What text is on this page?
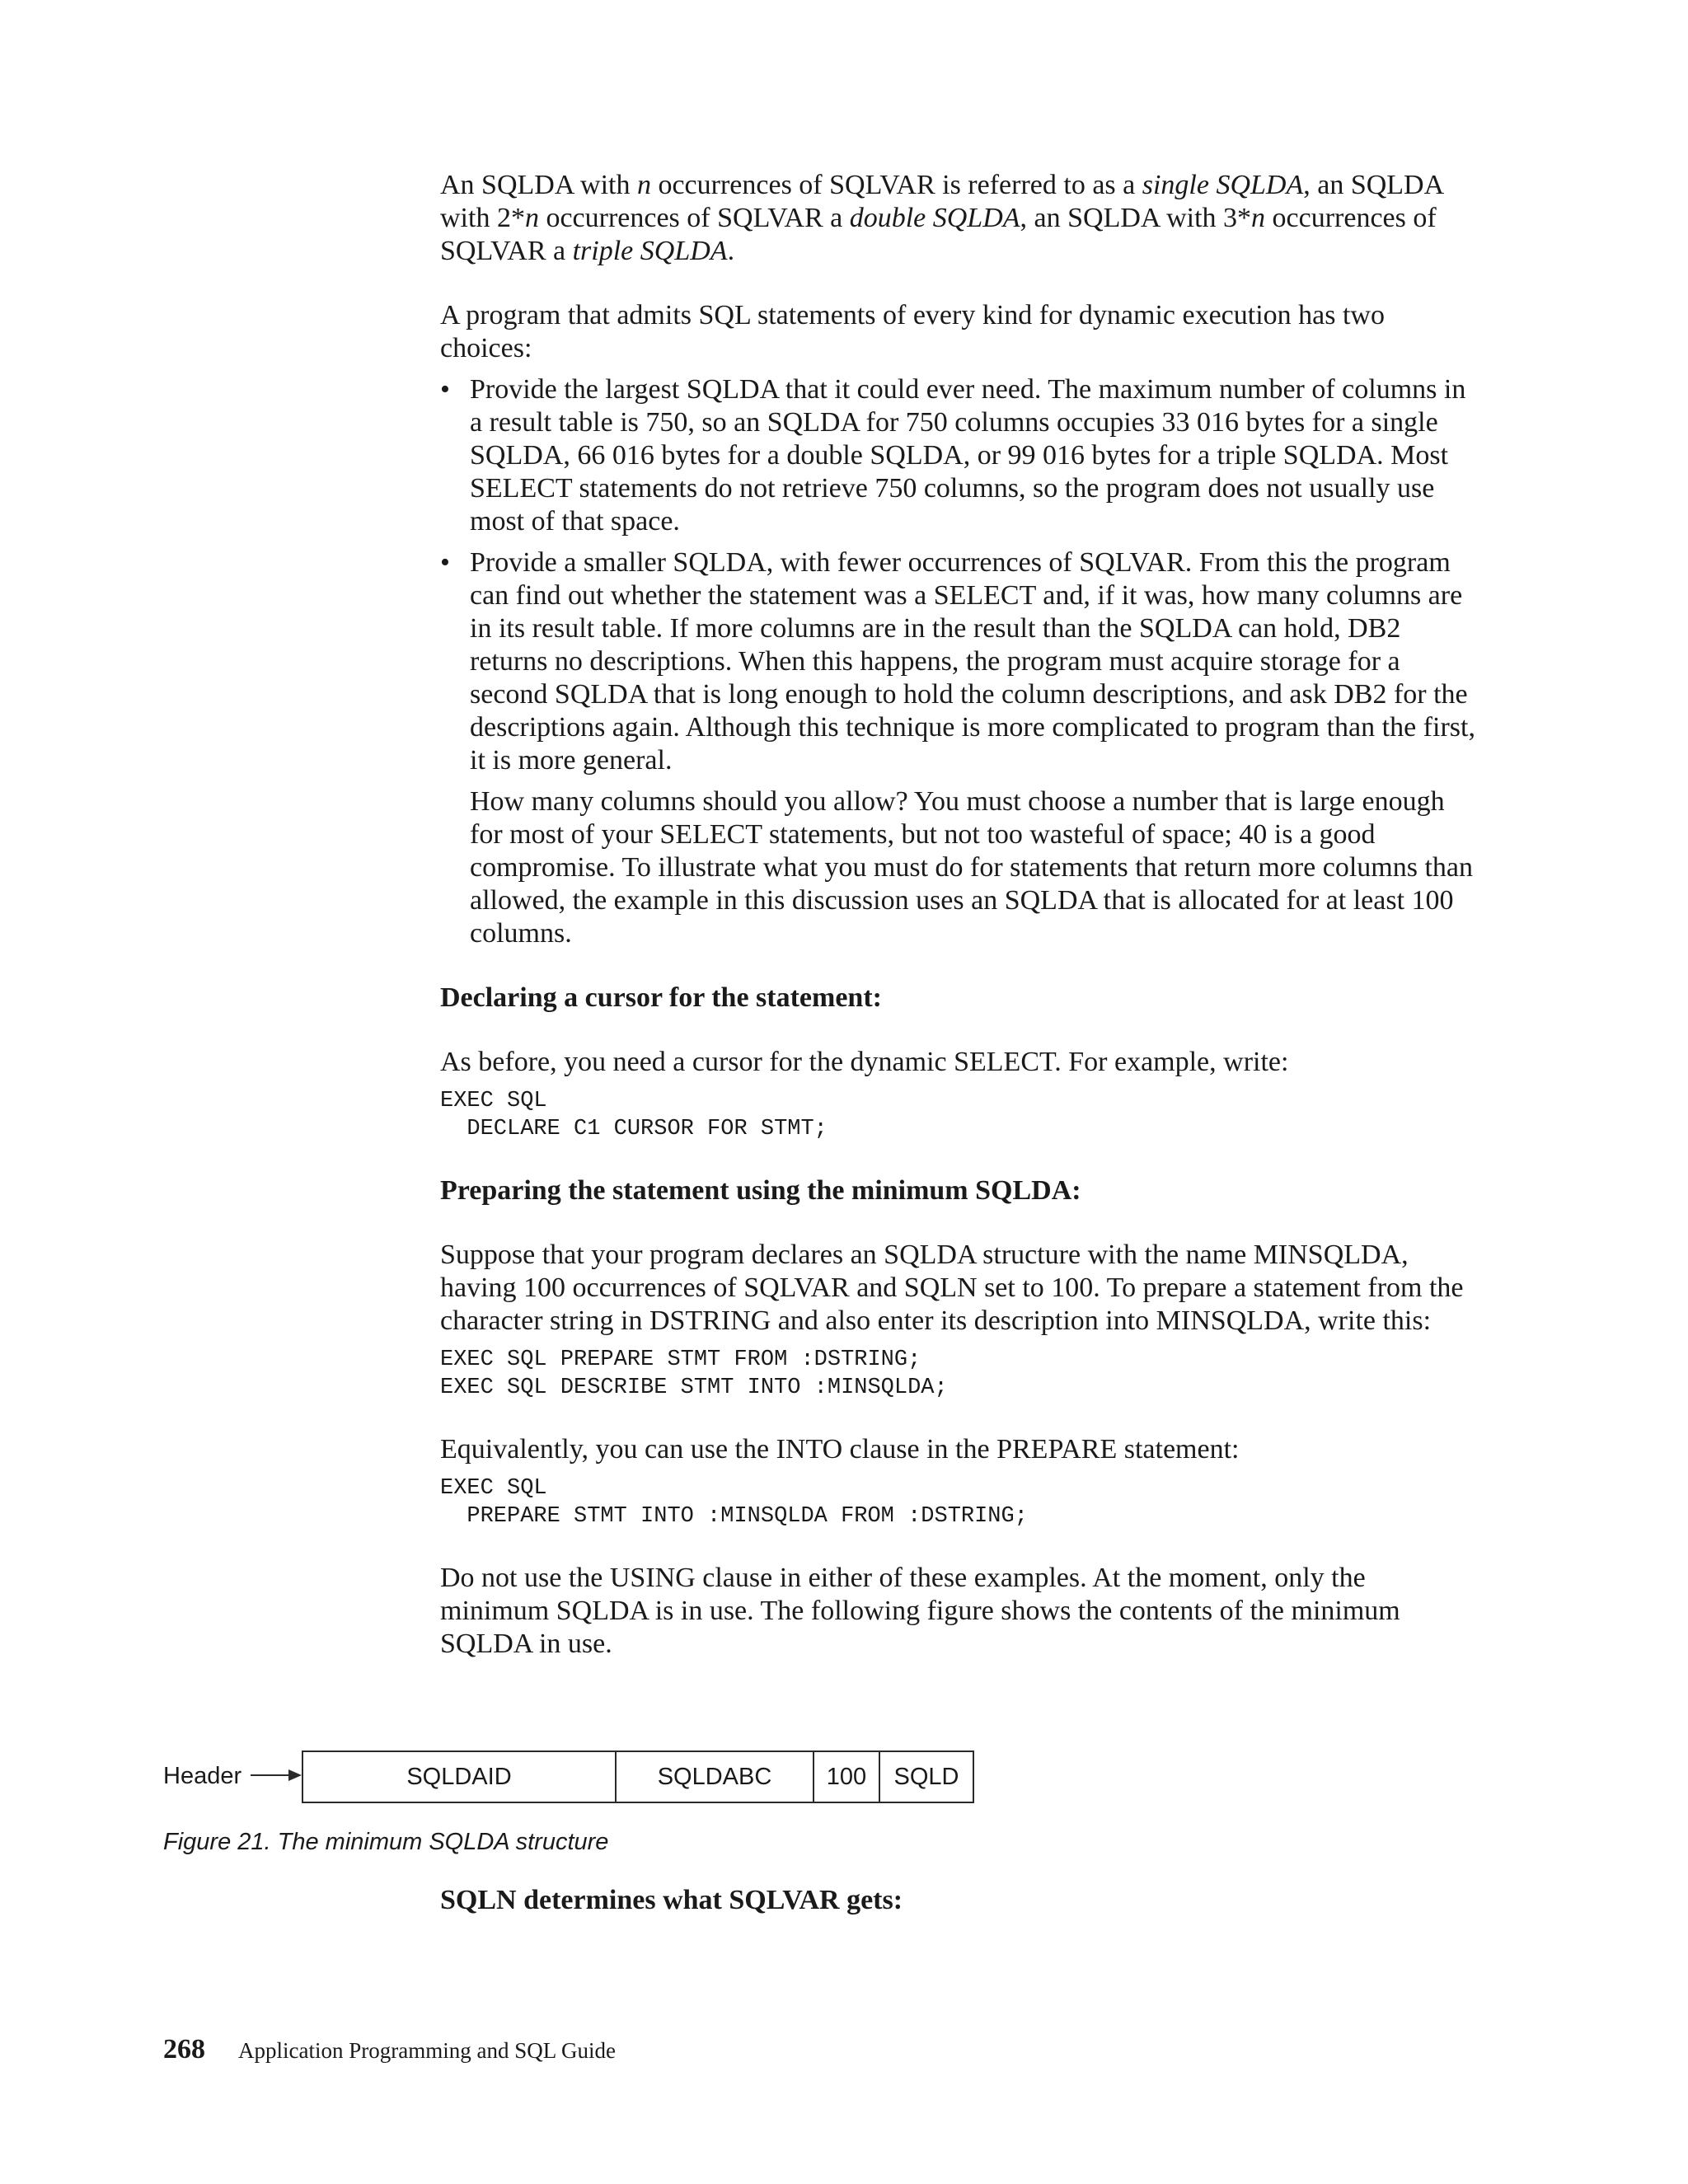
An SQLDA with n occurrences of SQLVAR is referred to as a single SQLDA, an SQLDA with 2*n occurrences of SQLVAR a double SQLDA, an SQLDA with 3*n occurrences of SQLVAR a triple SQLDA.

A program that admits SQL statements of every kind for dynamic execution has two choices:

• Provide the largest SQLDA that it could ever need. The maximum number of columns in a result table is 750, so an SQLDA for 750 columns occupies 33 016 bytes for a single SQLDA, 66 016 bytes for a double SQLDA, or 99 016 bytes for a triple SQLDA. Most SELECT statements do not retrieve 750 columns, so the program does not usually use most of that space.
• Provide a smaller SQLDA, with fewer occurrences of SQLVAR. From this the program can find out whether the statement was a SELECT and, if it was, how many columns are in its result table. If more columns are in the result than the SQLDA can hold, DB2 returns no descriptions. When this happens, the program must acquire storage for a second SQLDA that is long enough to hold the column descriptions, and ask DB2 for the descriptions again. Although this technique is more complicated to program than the first, it is more general.

How many columns should you allow? You must choose a number that is large enough for most of your SELECT statements, but not too wasteful of space; 40 is a good compromise. To illustrate what you must do for statements that return more columns than allowed, the example in this discussion uses an SQLDA that is allocated for at least 100 columns.

Declaring a cursor for the statement:

As before, you need a cursor for the dynamic SELECT. For example, write:

EXEC SQL
DECLARE C1 CURSOR FOR STMT;
Preparing the statement using the minimum SQLDA:

Suppose that your program declares an SQLDA structure with the name MINSQLDA, having 100 occurrences of SQLVAR and SQLN set to 100. To prepare a statement from the character string in DSTRING and also enter its description into MINSQLDA, write this:

EXEC SQL PREPARE STMT FROM :DSTRING;
EXEC SQL DESCRIBE STMT INTO :MINSQLDA;

Equivalently, you can use the INTO clause in the PREPARE statement:

EXEC SQL
PREPARE STMT INTO :MINSQLDA FROM :DSTRING;

Do not use the USING clause in either of these examples. At the moment, only the minimum SQLDA is in use. The following figure shows the contents of the minimum SQLDA in use.

Header	SQLDAID	SQLDABC	100	SQLD
Figure 21. The minimum SQLDA structure
SQLN determines what SQLVAR gets:
268 Application Programming and SQL Guide
